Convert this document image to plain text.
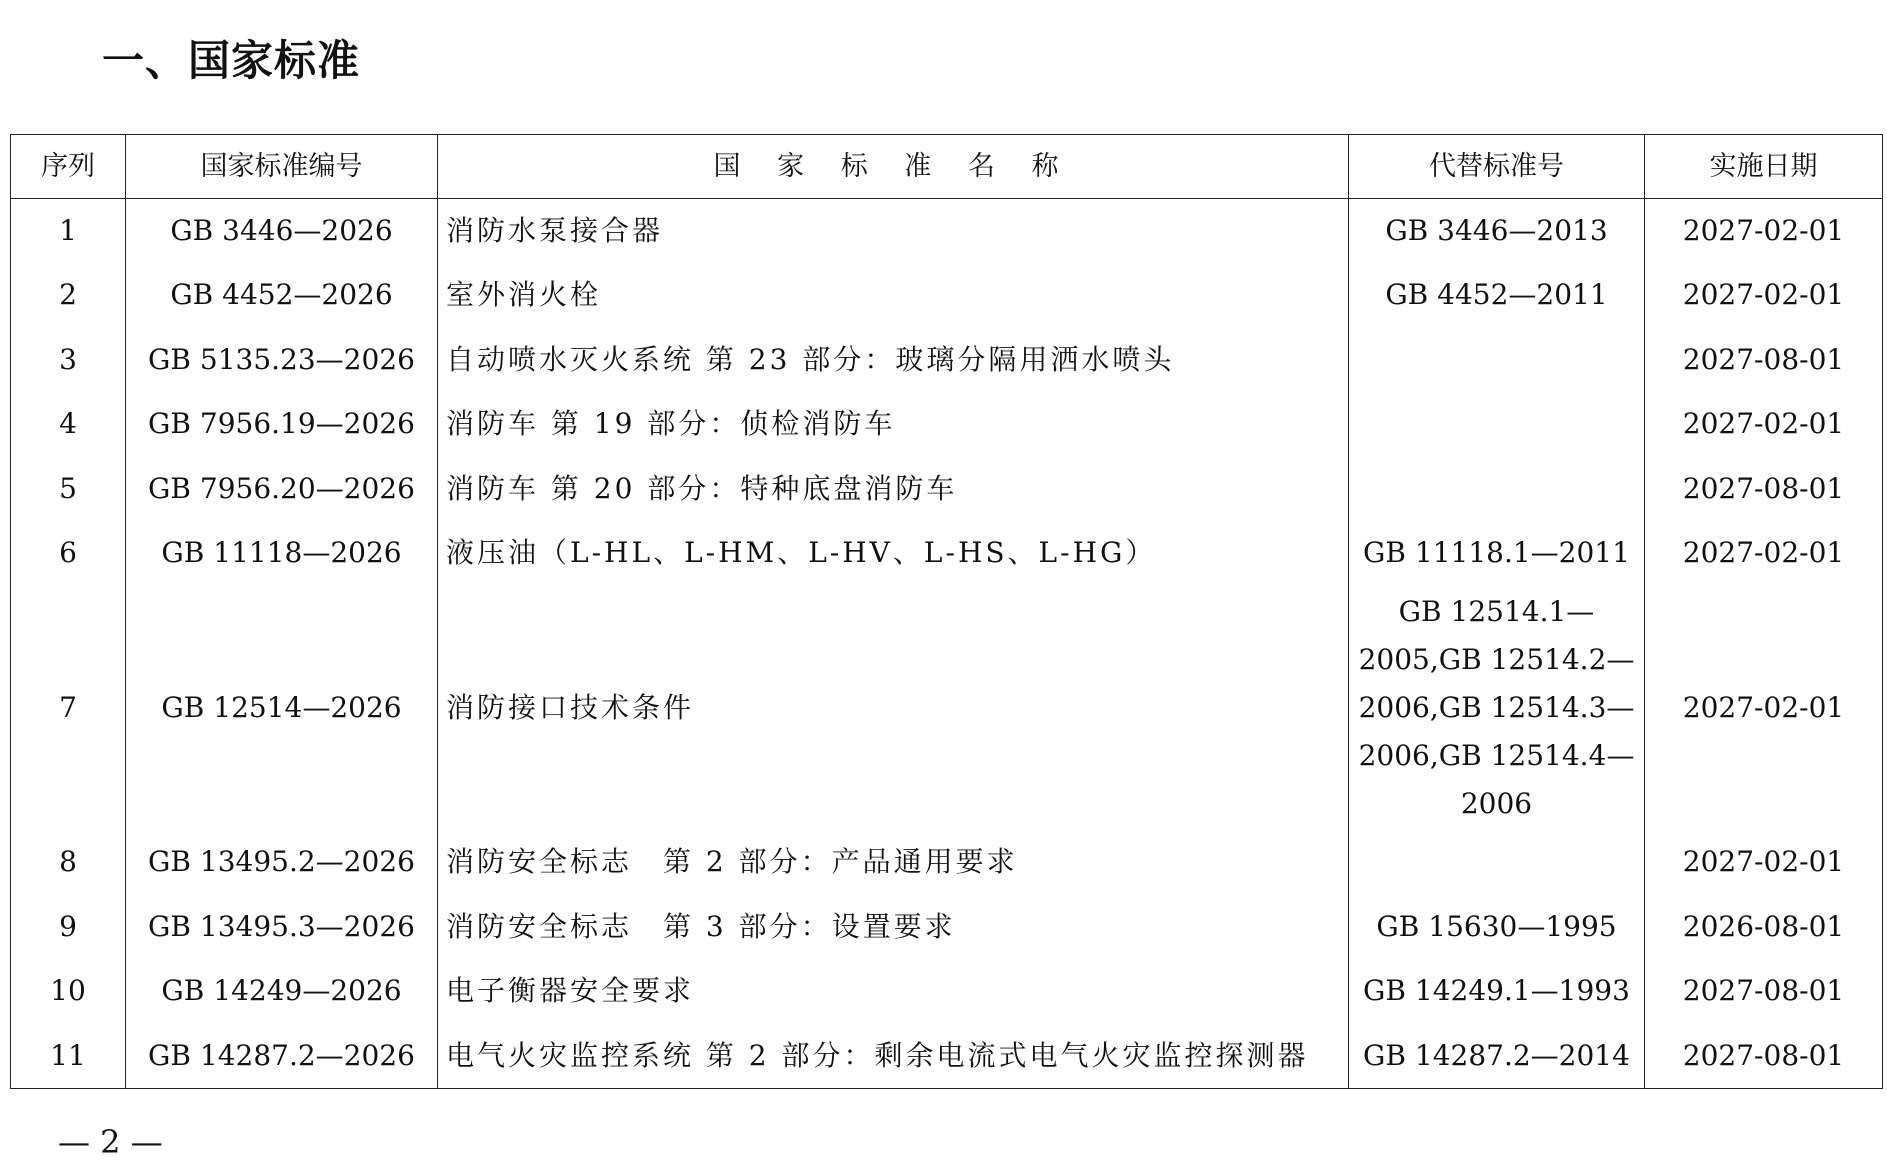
一、国家标准
序列	国家标准编号	国 家 标 准 名 称	代替标准号	实施日期
1	GB 3446—2026	消防水泵接合器	GB 3446—2013	2027-02-01
2	GB 4452—2026	室外消火栓	GB 4452—2011	2027-02-01
3	GB 5135.23—2026	自动喷水灭火系统 第 23 部分：玻璃分隔用洒水喷头		2027-08-01
4	GB 7956.19—2026	消防车 第 19 部分：侦检消防车		2027-02-01
5	GB 7956.20—2026	消防车 第 20 部分：特种底盘消防车		2027-08-01
6	GB 11118—2026	液压油（L-HL、L-HM、L-HV、L-HS、L-HG）	GB 11118.1—2011	2027-02-01
7	GB 12514—2026	消防接口技术条件	GB 12514.1—2005,GB 12514.2—2006,GB 12514.3—2006,GB 12514.4—2006	2027-02-01
8	GB 13495.2—2026	消防安全标志　第 2 部分：产品通用要求		2027-02-01
9	GB 13495.3—2026	消防安全标志　第 3 部分：设置要求	GB 15630—1995	2026-08-01
10	GB 14249—2026	电子衡器安全要求	GB 14249.1—1993	2027-08-01
11	GB 14287.2—2026	电气火灾监控系统 第 2 部分：剩余电流式电气火灾监控探测器	GB 14287.2—2014	2027-08-01
— 2 —
